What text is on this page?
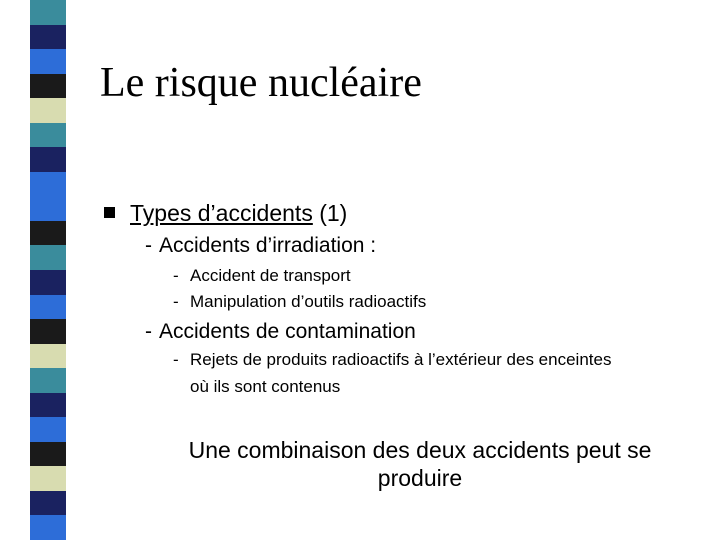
Le risque nucléaire
Types d’accidents (1)
- Accidents d’irradiation :
- Accident de transport
- Manipulation d’outils radioactifs
- Accidents de contamination
- Rejets de produits radioactifs à l’extérieur des enceintes
où ils sont contenus
Une combinaison des deux accidents peut se
produire
